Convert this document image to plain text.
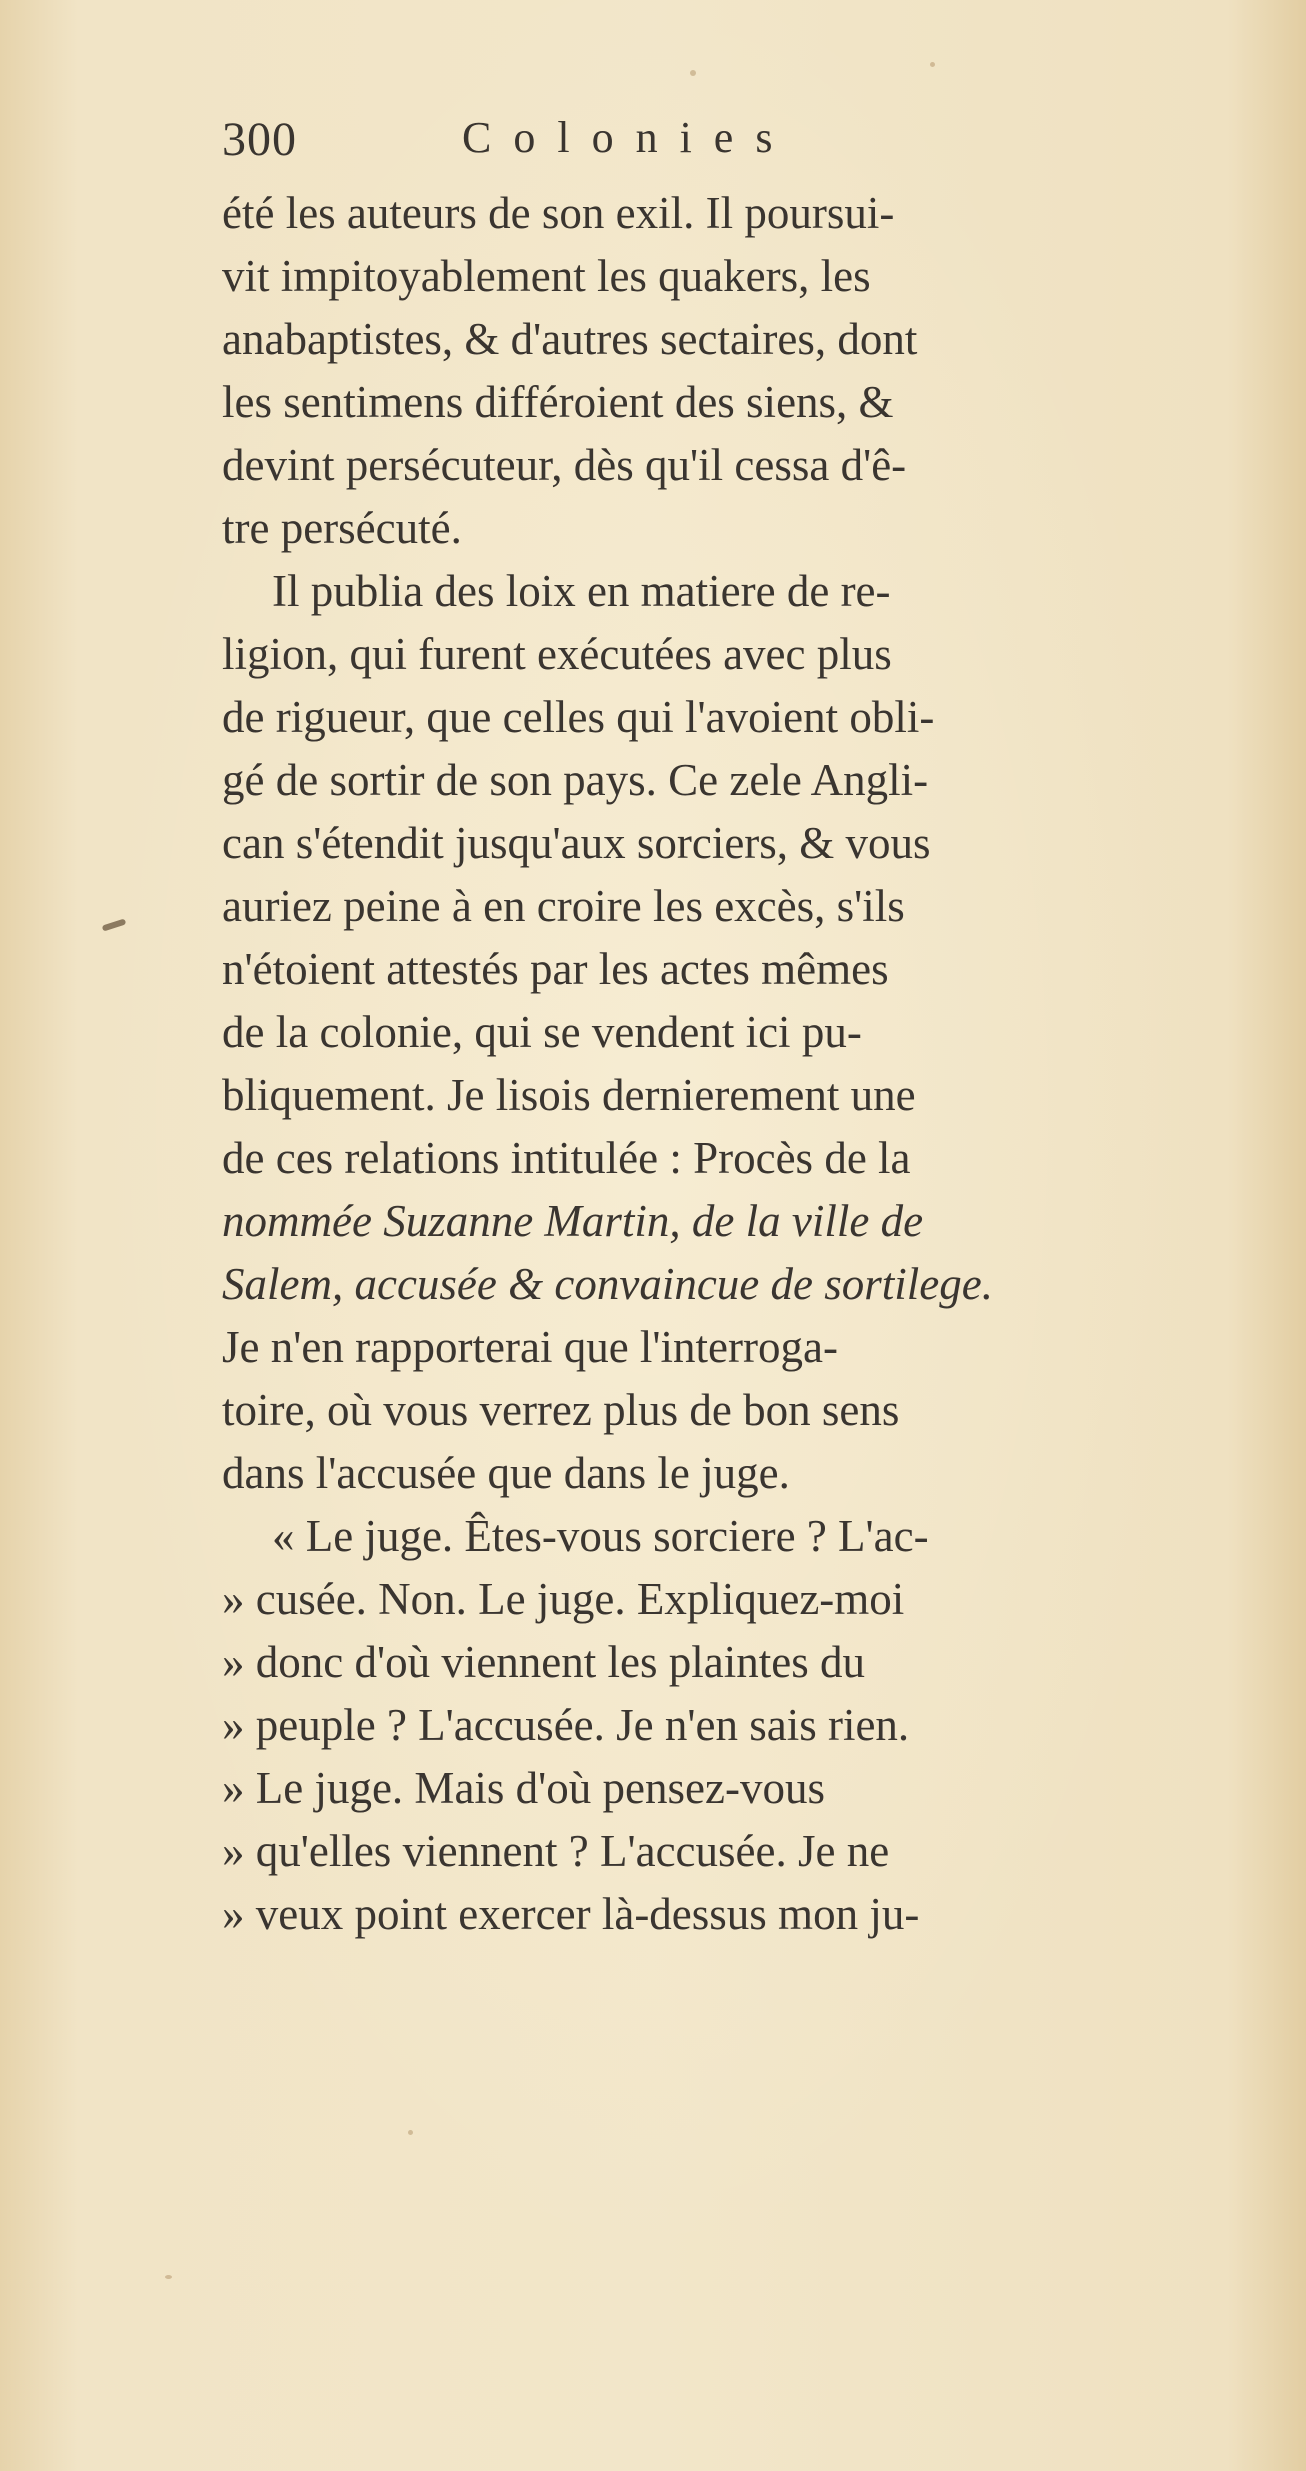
300	Colonies
été les auteurs de son exil. Il poursui-
vit impitoyablement les quakers, les
anabaptistes, & d'autres sectaires, dont
les sentimens différoient des siens, &
devint persécuteur, dès qu'il cessa d'ê-
tre persécuté.
Il publia des loix en matiere de re-
ligion, qui furent exécutées avec plus
de rigueur, que celles qui l'avoient obli-
gé de sortir de son pays. Ce zele Angli-
can s'étendit jusqu'aux sorciers, & vous
auriez peine à en croire les excès, s'ils
n'étoient attestés par les actes mêmes
de la colonie, qui se vendent ici pu-
bliquement. Je lisois dernierement une
de ces relations intitulée : Procès de la
nommée Suzanne Martin, de la ville de
Salem, accusée & convaincue de sortilege.
Je n'en rapporterai que l'interroga-
toire, où vous verrez plus de bon sens
dans l'accusée que dans le juge.
« Le juge. Êtes-vous sorciere ? L'ac-
» cusée. Non. Le juge. Expliquez-moi
» donc d'où viennent les plaintes du
» peuple ? L'accusée. Je n'en sais rien.
» Le juge. Mais d'où pensez-vous
» qu'elles viennent ? L'accusée. Je ne
» veux point exercer là-dessus mon ju-
